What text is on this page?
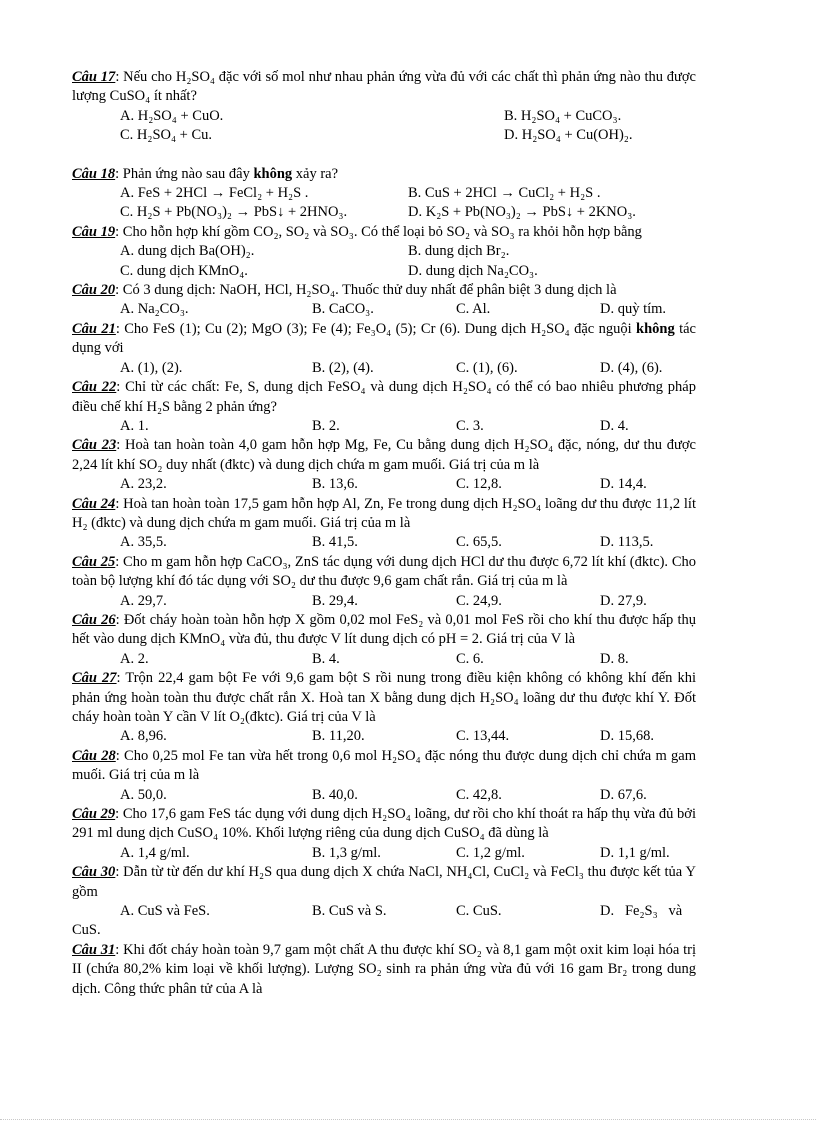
Câu 17: Nếu cho H₂SO₄ đặc với số mol như nhau phản ứng vừa đủ với các chất thì phản ứng nào thu được lượng CuSO₄ ít nhất?
A. H₂SO₄ + CuO.	B. H₂SO₄ + CuCO₃.
C. H₂SO₄ + Cu.	D. H₂SO₄ + Cu(OH)₂.
Câu 18: Phản ứng nào sau đây không xảy ra?
A. FeS + 2HCl → FeCl₂ + H₂S .	B. CuS + 2HCl → CuCl₂ + H₂S .
C. H₂S + Pb(NO₃)₂ → PbS↓ + 2HNO₃.	D. K₂S + Pb(NO₃)₂ → PbS↓ + 2KNO₃.
Câu 19: Cho hỗn hợp khí gồm CO₂, SO₂ và SO₃. Có thể loại bỏ SO₂ và SO₃ ra khỏi hỗn hợp bằng
A. dung dịch Ba(OH)₂.	B. dung dịch Br₂.
C. dung dịch KMnO₄.	D. dung dịch Na₂CO₃.
Câu 20: Có 3 dung dịch: NaOH, HCl, H₂SO₄. Thuốc thử duy nhất để phân biệt 3 dung dịch là
A. Na₂CO₃.	B. CaCO₃.	C. Al.	D. quỳ tím.
Câu 21: Cho FeS (1); Cu (2); MgO (3); Fe (4); Fe₃O₄ (5); Cr (6). Dung dịch H₂SO₄ đặc nguội không tác dụng với
A. (1), (2).	B. (2), (4).	C. (1), (6).	D. (4), (6).
Câu 22: Chỉ từ các chất: Fe, S, dung dịch FeSO₄ và dung dịch H₂SO₄ có thể có bao nhiêu phương pháp điều chế khí H₂S bằng 2 phản ứng?
A. 1.	B. 2.	C. 3.	D. 4.
Câu 23: Hoà tan hoàn toàn 4,0 gam hỗn hợp Mg, Fe, Cu bằng dung dịch H₂SO₄ đặc, nóng, dư thu được 2,24 lít khí SO₂ duy nhất (đktc) và dung dịch chứa m gam muối. Giá trị của m là
A. 23,2.	B. 13,6.	C. 12,8.	D. 14,4.
Câu 24: Hoà tan hoàn toàn 17,5 gam hỗn hợp Al, Zn, Fe trong dung dịch H₂SO₄ loãng dư thu được 11,2 lít H₂ (đktc) và dung dịch chứa m gam muối. Giá trị của m là
A. 35,5.	B. 41,5.	C. 65,5.	D. 113,5.
Câu 25: Cho m gam hỗn hợp CaCO₃, ZnS tác dụng với dung dịch HCl dư thu được 6,72 lít khí (đktc). Cho toàn bộ lượng khí đó tác dụng với SO₂ dư thu được 9,6 gam chất rắn. Giá trị của m là
A. 29,7.	B. 29,4.	C. 24,9.	D. 27,9.
Câu 26: Đốt cháy hoàn toàn hỗn hợp X gồm 0,02 mol FeS₂ và 0,01 mol FeS rồi cho khí thu được hấp thụ hết vào dung dịch KMnO₄ vừa đủ, thu được V lít dung dịch có pH = 2. Giá trị của V là
A. 2.	B. 4.	C. 6.	D. 8.
Câu 27: Trộn 22,4 gam bột Fe với 9,6 gam bột S rồi nung trong điều kiện không có không khí đến khi phản ứng hoàn toàn thu được chất rắn X. Hoà tan X bằng dung dịch H₂SO₄ loãng dư thu được khí Y. Đốt cháy hoàn toàn Y cần V lít O₂(đktc). Giá trị của V là
A. 8,96.	B. 11,20.	C. 13,44.	D. 15,68.
Câu 28: Cho 0,25 mol Fe tan vừa hết trong 0,6 mol H₂SO₄ đặc nóng thu được dung dịch chỉ chứa m gam muối. Giá trị của m là
A. 50,0.	B. 40,0.	C. 42,8.	D. 67,6.
Câu 29: Cho 17,6 gam FeS tác dụng với dung dịch H₂SO₄ loãng, dư rồi cho khí thoát ra hấp thụ vừa đủ bởi 291 ml dung dịch CuSO₄ 10%. Khối lượng riêng của dung dịch CuSO₄ đã dùng là
A. 1,4 g/ml.	B. 1,3 g/ml.	C. 1,2 g/ml.	D. 1,1 g/ml.
Câu 30: Dẫn từ từ đến dư khí H₂S qua dung dịch X chứa NaCl, NH₄Cl, CuCl₂ và FeCl₃ thu được kết tủa Y gồm
A. CuS và FeS.	B. CuS và S.	C. CuS.	D.   Fe₂S₃   và
CuS.
Câu 31: Khi đốt cháy hoàn toàn 9,7 gam một chất A thu được khí SO₂ và 8,1 gam một oxit kim loại hóa trị II (chứa 80,2% kim loại về khối lượng). Lượng SO₂ sinh ra phản ứng vừa đủ với 16 gam Br₂ trong dung dịch. Công thức phân tử của A là
